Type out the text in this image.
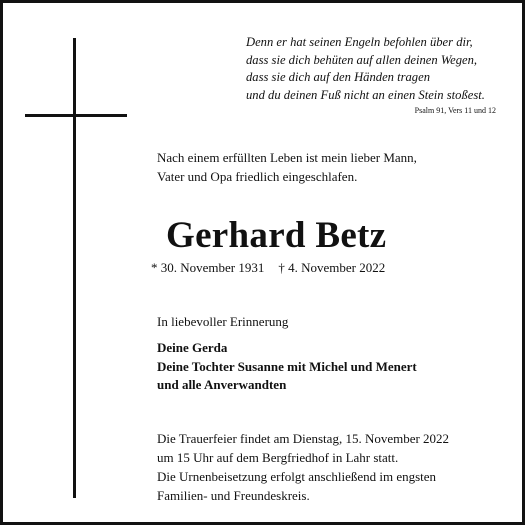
Denn er hat seinen Engeln befohlen über dir,
dass sie dich behüten auf allen deinen Wegen,
dass sie dich auf den Händen tragen
und du deinen Fuß nicht an einen Stein stoßest.
Psalm 91, Vers 11 und 12
Nach einem erfüllten Leben ist mein lieber Mann,
Vater und Opa friedlich eingeschlafen.
Gerhard Betz
* 30. November 1931 † 4. November 2022
In liebevoller Erinnerung
Deine Gerda
Deine Tochter Susanne mit Michel und Menert
und alle Anverwandten
Die Trauerfeier findet am Dienstag, 15. November 2022
um 15 Uhr auf dem Bergfriedhof in Lahr statt.
Die Urnenbeisetzung erfolgt anschließend im engsten
Familien- und Freundeskreis.
